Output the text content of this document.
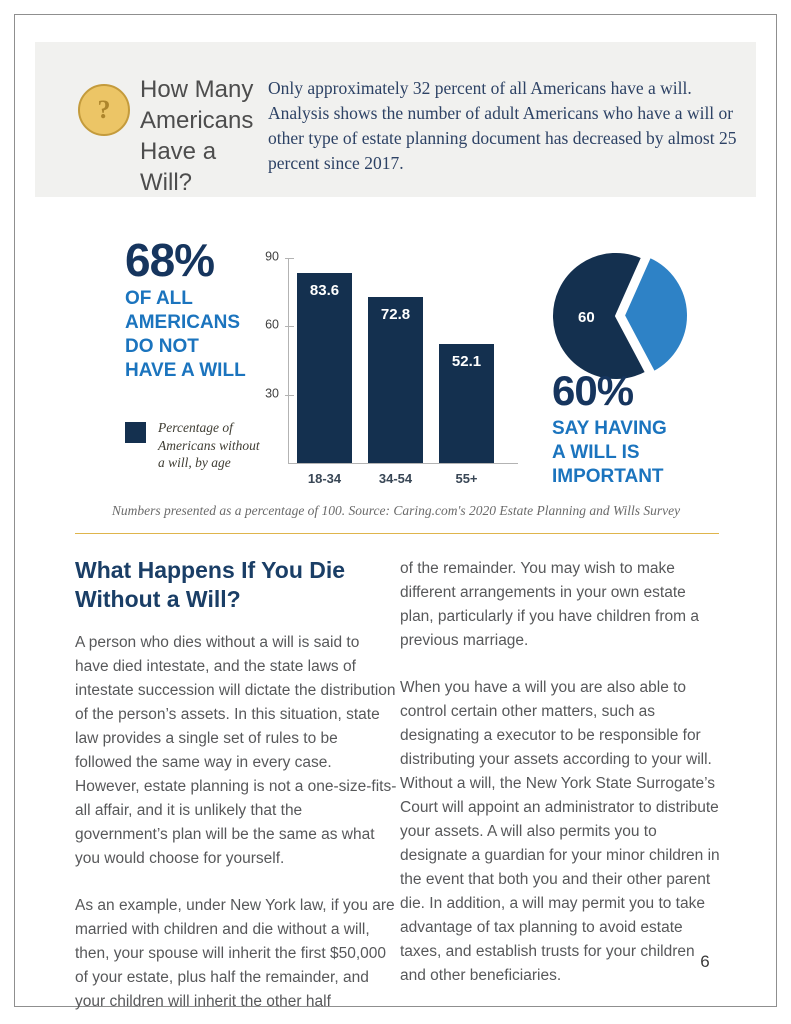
?
How Many
Americans
Have a
Will?
Only approximately 32 percent of all Americans have a will. Analysis shows the number of adult Americans who have a will or other type of estate planning document has decreased by almost 25 percent since 2017.
68%
OF ALL
AMERICANS
DO NOT
HAVE A WILL
Percentage of
Americans without
a will, by age
83.6
72.8
52.1
30
60
90
18-34	34-54	55+
60
60%
SAY HAVING
A WILL IS
IMPORTANT
Numbers presented as a percentage of 100. Source: Caring.com's 2020 Estate Planning and Wills Survey
What Happens If You Die
Without a Will?

A person who dies without a will is said to have died intestate, and the state laws of intestate succession will dictate the distribution of the person’s assets. In this situation, state law provides a single set of rules to be followed the same way in every case. However, estate planning is not a one-size-fits-all affair, and it is unlikely that the government’s plan will be the same as what you would choose for yourself.

As an example, under New York law, if you are married with children and die without a will, then, your spouse will inherit the first $50,000 of your estate, plus half the remainder, and your children will inherit the other half

of the remainder. You may wish to make different arrangements in your own estate plan, particularly if you have children from a previous marriage.

When you have a will you are also able to control certain other matters, such as designating a executor to be responsible for distributing your assets according to your will. Without a will, the New York State Surrogate’s Court will appoint an administrator to distribute your assets. A will also permits you to designate a guardian for your minor children in the event that both you and their other parent die. In addition, a will may permit you to take advantage of tax planning to avoid estate taxes, and establish trusts for your children and other beneficiaries.

6
